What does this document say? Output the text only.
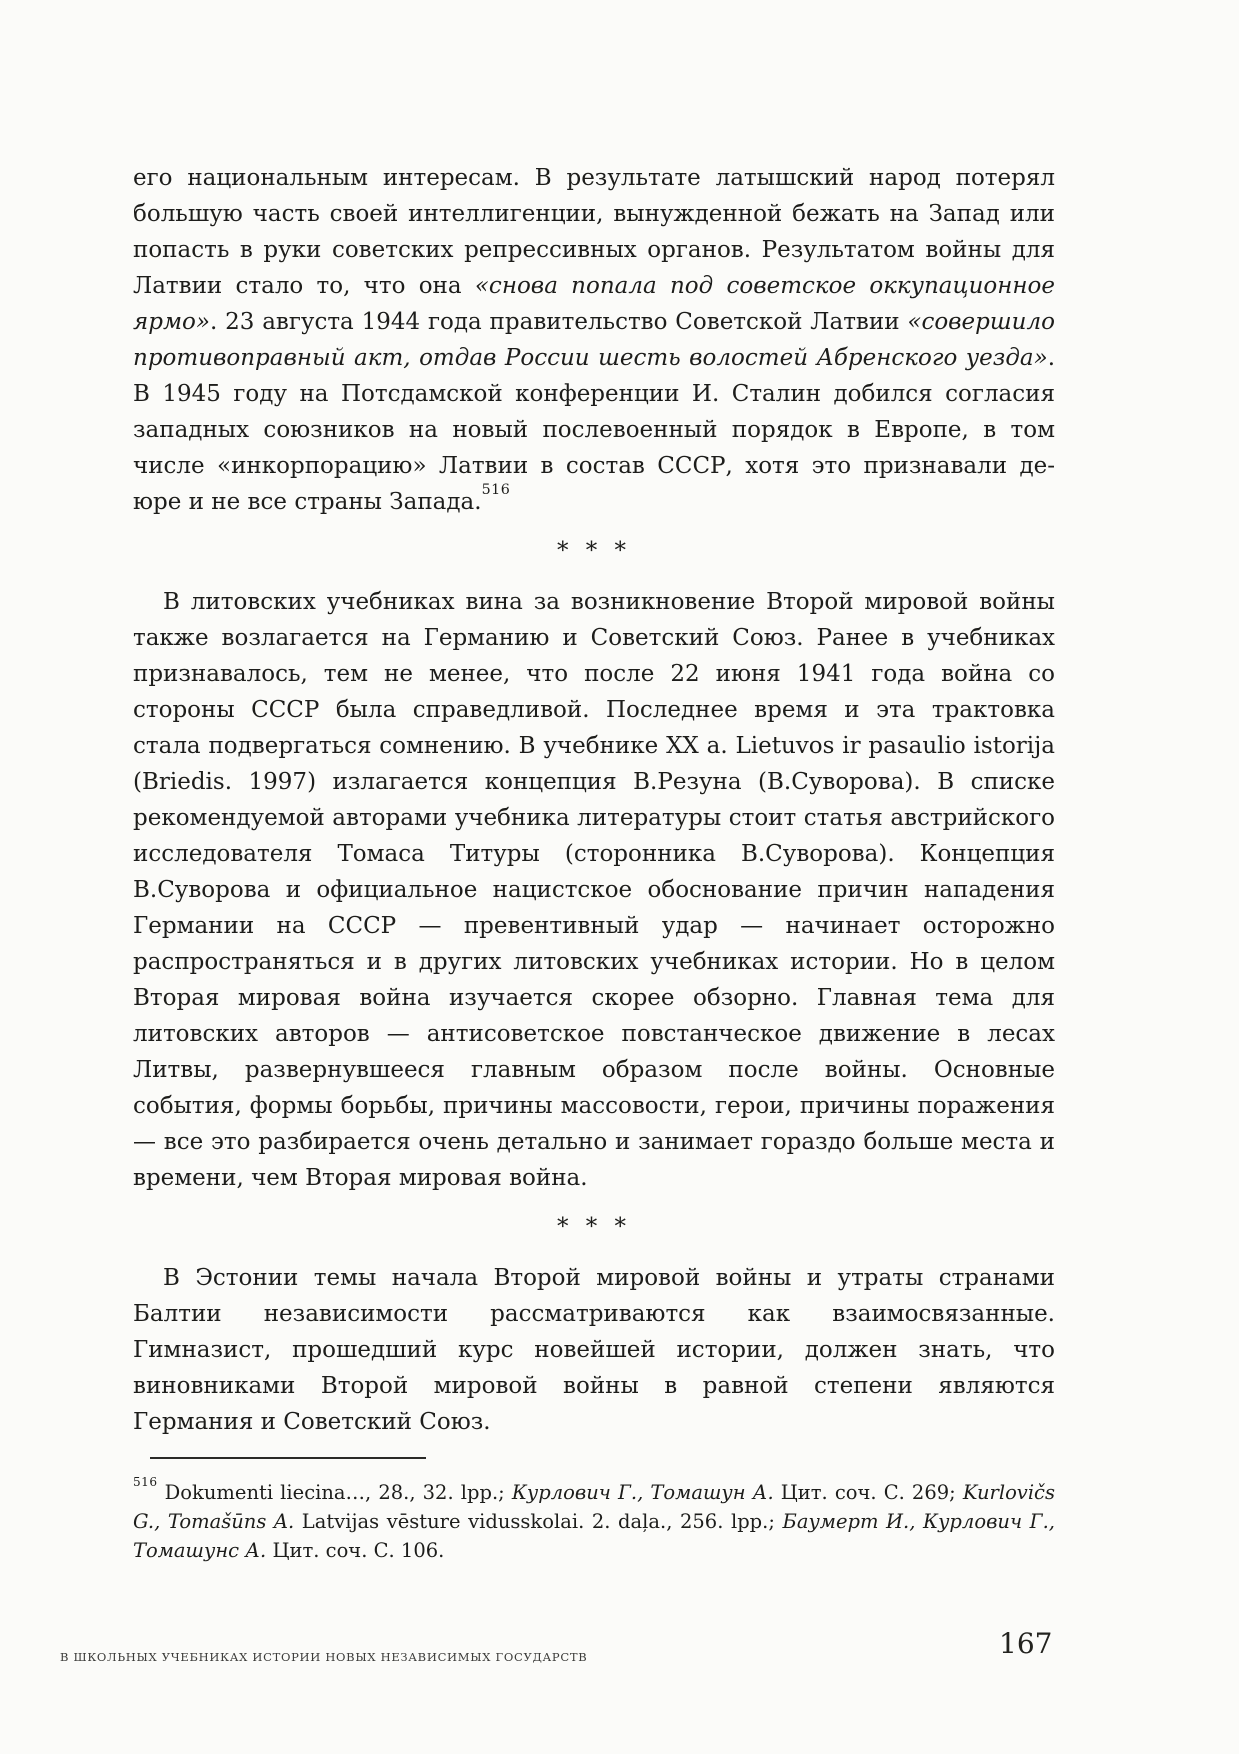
его национальным интересам. В результате латышский народ потерял большую часть своей интеллигенции, вынужденной бежать на Запад или попасть в руки советских репрессивных органов. Результатом войны для Латвии стало то, что она «снова попала под советское оккупационное ярмо». 23 августа 1944 года правительство Советской Латвии «совершило противоправный акт, отдав России шесть волостей Абренского уезда». В 1945 году на Потсдамской конференции И. Сталин добился согласия западных союзников на новый послевоенный порядок в Европе, в том числе «инкорпорацию» Латвии в состав СССР, хотя это признавали де-юре и не все страны Запада.$^{516}$

* * *

В литовских учебниках вина за возникновение Второй мировой войны также возлагается на Германию и Советский Союз. Ранее в учебниках признавалось, тем не менее, что после 22 июня 1941 года война со стороны СССР была справедливой. Последнее время и эта трактовка стала подвергаться сомнению. В учебнике XX a. Lietuvos ir pasaulio istorija (Briedis. 1997) излагается концепция В.Резуна (В.Суворова). В списке рекомендуемой авторами учебника литературы стоит статья австрийского исследователя Томаса Титуры (сторонника В.Суворова). Концепция В.Суворова и официальное нацистское обоснование причин нападения Германии на СССР — превентивный удар — начинает осторожно распространяться и в других литовских учебниках истории. Но в целом Вторая мировая война изучается скорее обзорно. Главная тема для литовских авторов — антисоветское повстанческое движение в лесах Литвы, развернувшееся главным образом после войны. Основные события, формы борьбы, причины массовости, герои, причины поражения — все это разбирается очень детально и занимает гораздо больше места и времени, чем Вторая мировая война.

* * *

В Эстонии темы начала Второй мировой войны и утраты странами Балтии независимости рассматриваются как взаимосвязанные. Гимназист, прошедший курс новейшей истории, должен знать, что виновниками Второй мировой войны в равной степени являются Германия и Советский Союз.

$^{516}$ Dokumenti liecina…, 28., 32. lpp.; Курлович Г., Томашун А. Цит. соч. С. 269; Kurlovičs G., Tomašūns A. Latvijas vēsture vidusskolai. 2. daļa., 256. lpp.; Баумерт И., Курлович Г., Томашунс А. Цит. соч. С. 106.
В ШКОЛЬНЫХ УЧЕБНИКАХ ИСТОРИИ НОВЫХ НЕЗАВИСИМЫХ ГОСУДАРСТВ	167
